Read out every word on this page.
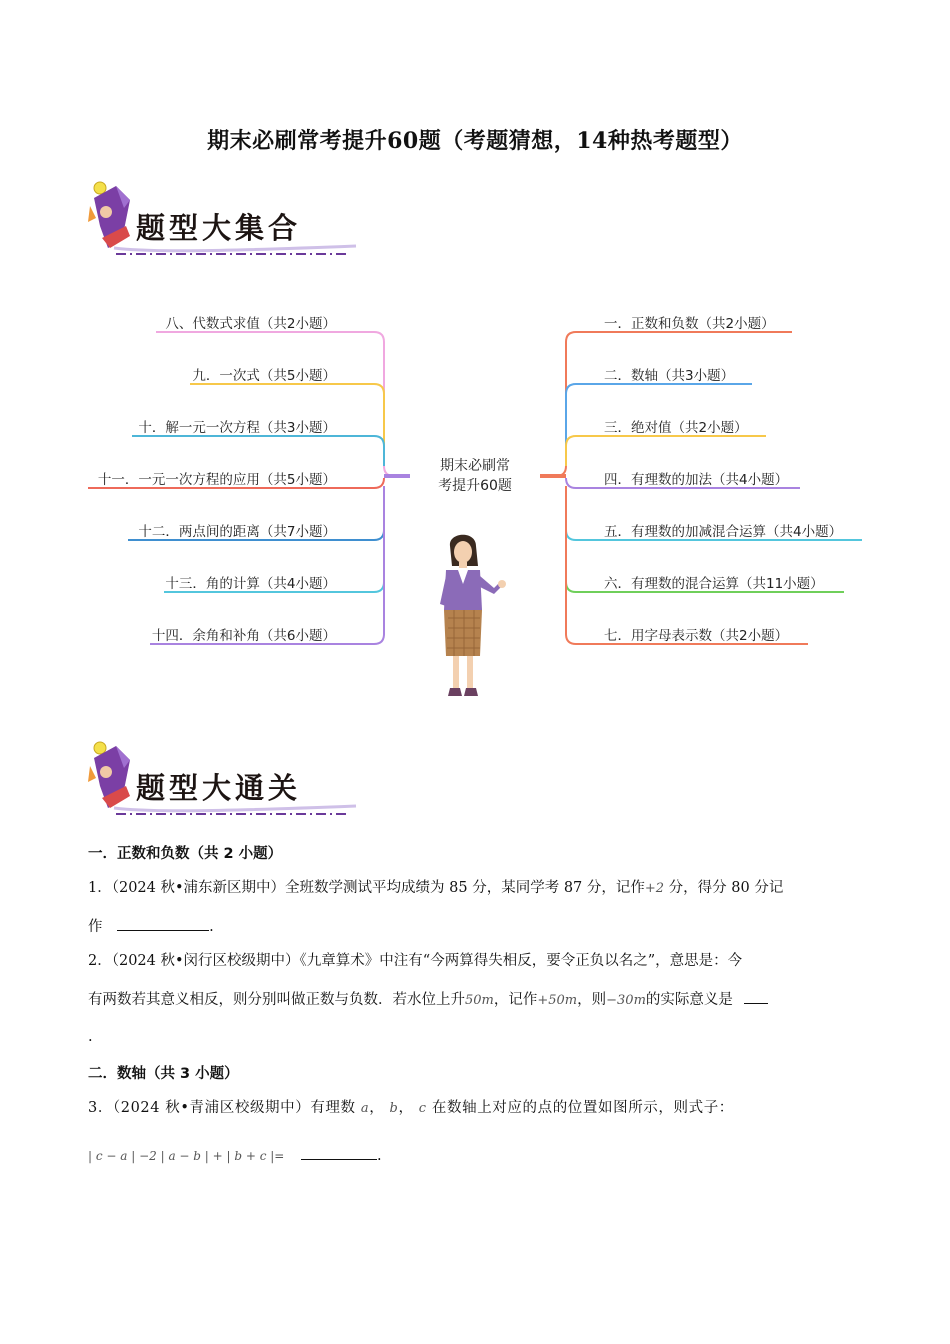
期末必刷常考提升60题（考题猜想，14种热考题型）
题型大集合
八、代数式求值（共2小题）
九．一次式（共5小题）
十．解一元一次方程（共3小题）
十一．一元一次方程的应用（共5小题）
十二．两点间的距离（共7小题）
十三．角的计算（共4小题）
十四．余角和补角（共6小题）
一．正数和负数（共2小题）
二．数轴（共3小题）
三．绝对值（共2小题）
四．有理数的加法（共4小题）
五．有理数的加减混合运算（共4小题）
六．有理数的混合运算（共11小题）
七．用字母表示数（共2小题）
期末必刷常
考提升60题
题型大通关
一．正数和负数（共 2 小题）
1．（2024 秋•浦东新区期中）全班数学测试平均成绩为 85 分，某同学考 87 分，记作+2 分，得分 80 分记
作	.
2．（2024 秋•闵行区校级期中）《九章算术》中注有“今两算得失相反，要令正负以名之”，意思是：今
有两数若其意义相反，则分别叫做正数与负数．若水位上升50m，记作+50m，则−30m的实际意义是
.
二．数轴（共 3 小题）
3．（2024 秋•青浦区校级期中）有理数 a， b， c 在数轴上对应的点的位置如图所示，则式子：
| c − a | −2 | a − b | + | b + c |=	.
